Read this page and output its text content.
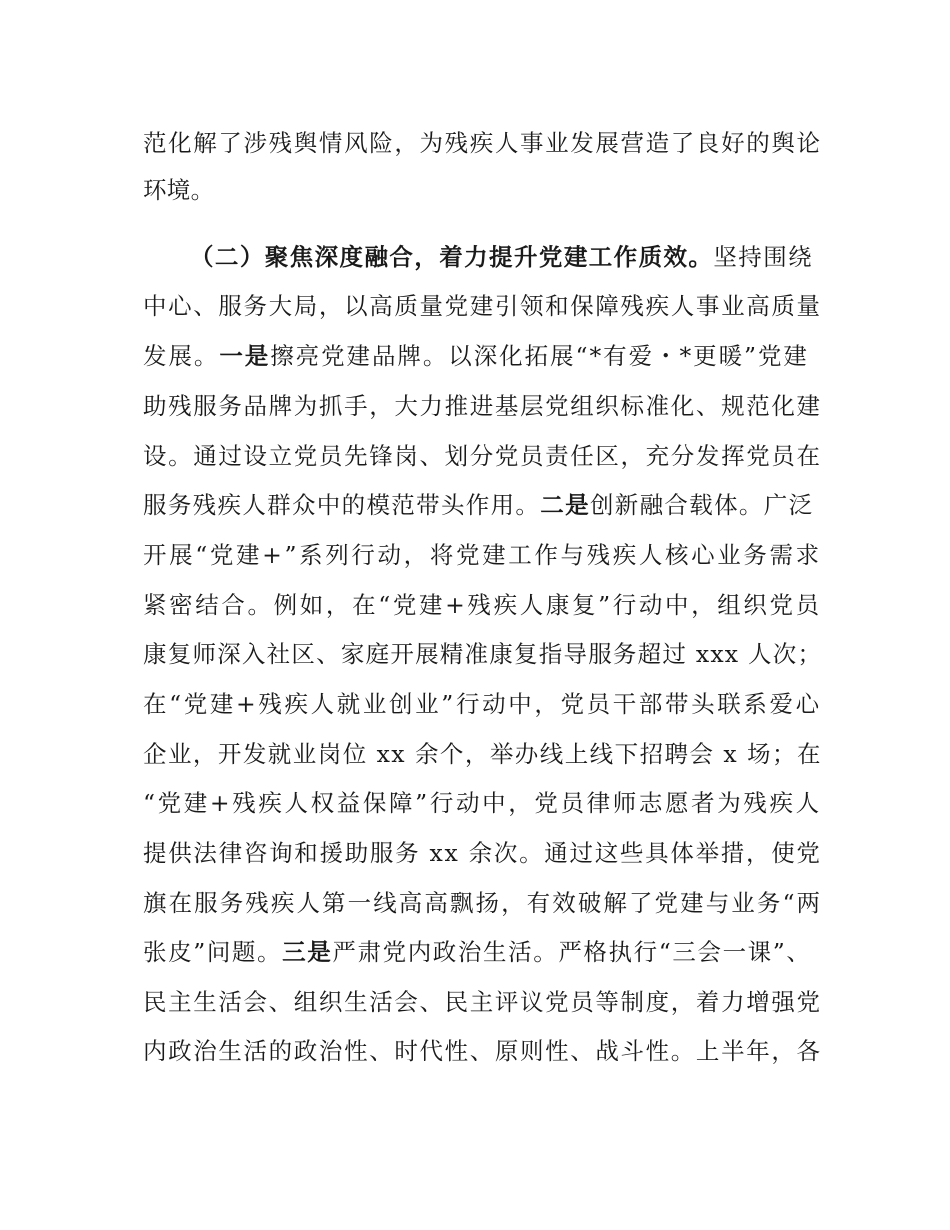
范化解了涉残舆情风险，为残疾人事业发展营造了良好的舆论
环境。
（二）聚焦深度融合，着力提升党建工作质效。坚持围绕
中心、服务大局，以高质量党建引领和保障残疾人事业高质量
发展。一是擦亮党建品牌。以深化拓展“*有爱・*更暖”党建
助残服务品牌为抓手，大力推进基层党组织标准化、规范化建
设。通过设立党员先锋岗、划分党员责任区，充分发挥党员在
服务残疾人群众中的模范带头作用。二是创新融合载体。广泛
开展“党建+”系列行动，将党建工作与残疾人核心业务需求
紧密结合。例如，在“党建+残疾人康复”行动中，组织党员
康复师深入社区、家庭开展精准康复指导服务超过 xxx 人次；
在“党建+残疾人就业创业”行动中，党员干部带头联系爱心
企业，开发就业岗位 xx 余个，举办线上线下招聘会 x 场；在
“党建+残疾人权益保障”行动中，党员律师志愿者为残疾人
提供法律咨询和援助服务 xx 余次。通过这些具体举措，使党
旗在服务残疾人第一线高高飘扬，有效破解了党建与业务“两
张皮”问题。三是严肃党内政治生活。严格执行“三会一课”、
民主生活会、组织生活会、民主评议党员等制度，着力增强党
内政治生活的政治性、时代性、原则性、战斗性。上半年，各
